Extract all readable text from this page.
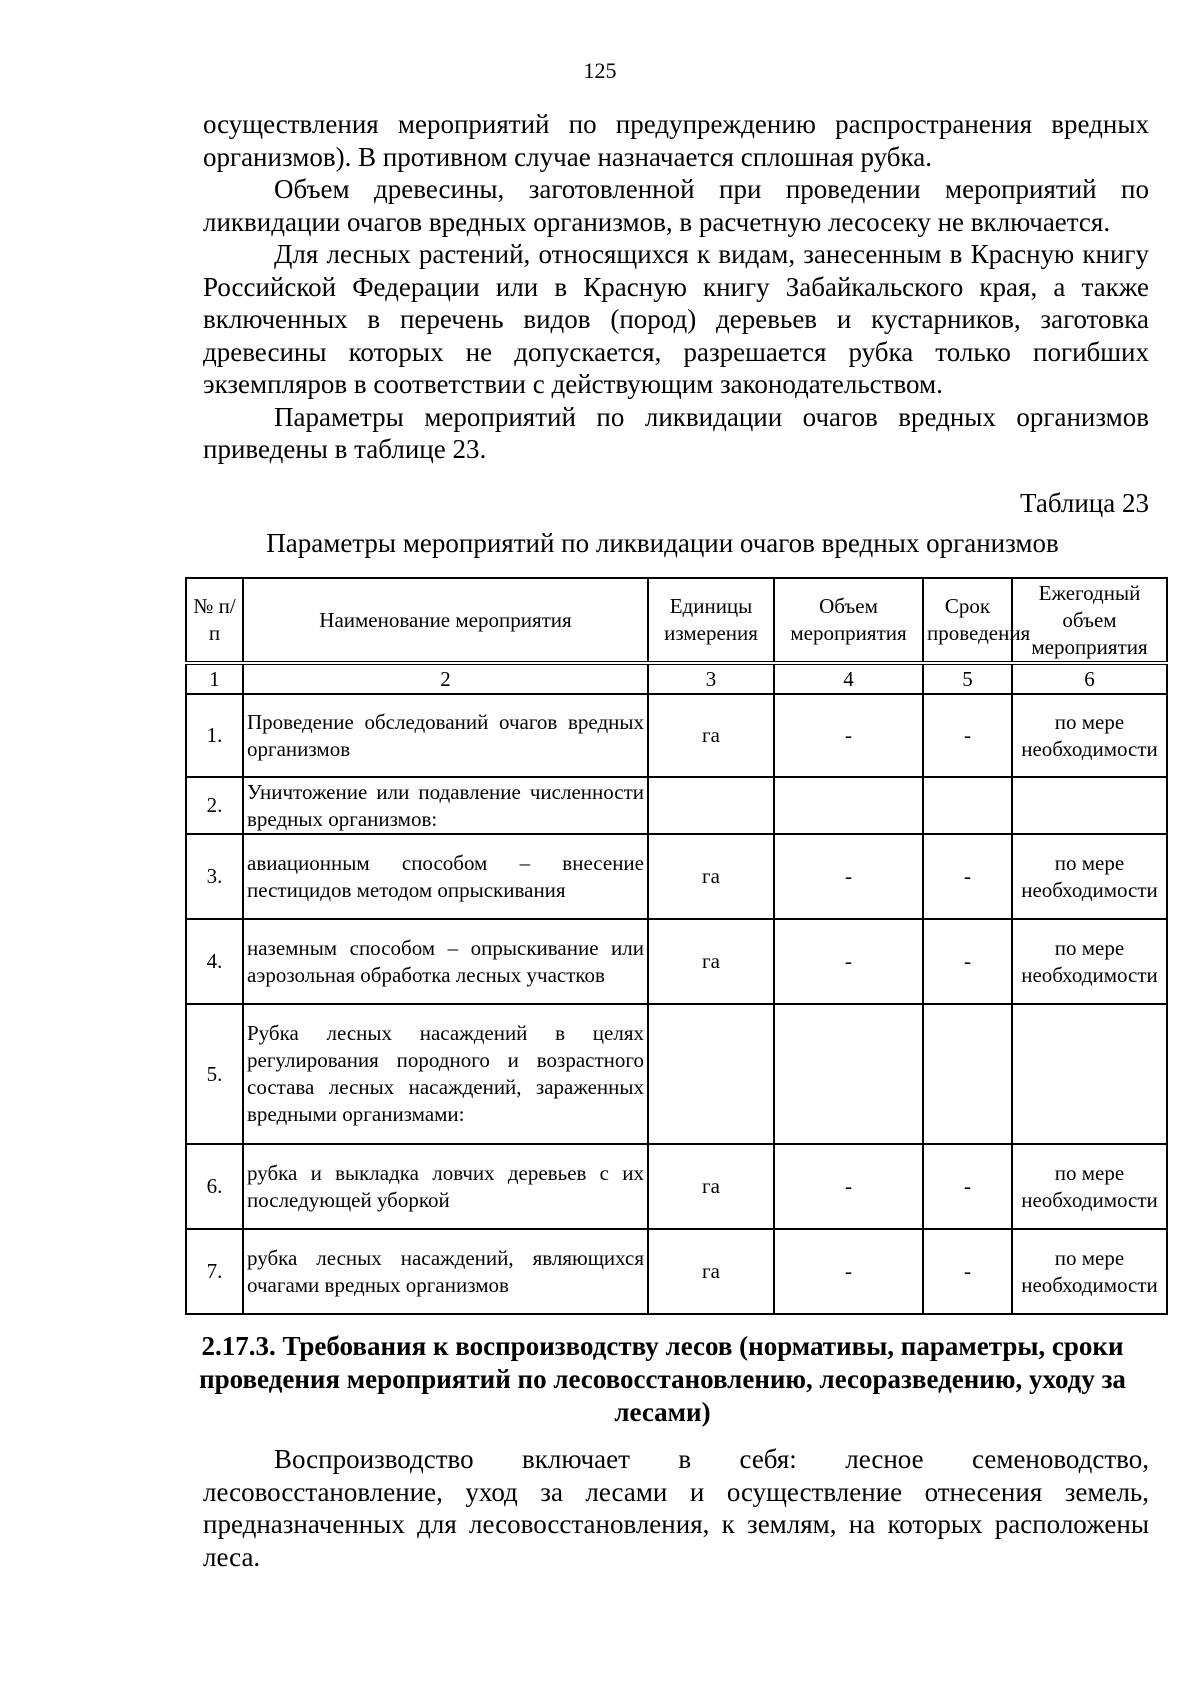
125

осуществления мероприятий по предупреждению распространения вредных организмов). В противном случае назначается сплошная рубка.

Объем древесины, заготовленной при проведении мероприятий по ликвидации очагов вредных организмов, в расчетную лесосеку не включается.

Для лесных растений, относящихся к видам, занесенным в Красную книгу Российской Федерации или в Красную книгу Забайкальского края, а также включенных в перечень видов (пород) деревьев и кустарников, заготовка древесины которых не допускается, разрешается рубка только погибших экземпляров в соответствии с действующим законодательством.

Параметры мероприятий по ликвидации очагов вредных организмов приведены в таблице 23.

Таблица 23
Параметры мероприятий по ликвидации очагов вредных организмов
№ п/п	Наименование мероприятия	Единицы измерения	Объем мероприятия	Срок проведения	Ежегодный объем мероприятия
1	2	3	4	5	6
1.	Проведение обследований очагов вредных организмов	га	-	-	по мере необходимости
2.	Уничтожение или подавление численности вредных организмов:				
3.	авиационным способом – внесение пестицидов методом опрыскивания	га	-	-	по мере необходимости
4.	наземным способом – опрыскивание или аэрозольная обработка лесных участков	га	-	-	по мере необходимости
5.	Рубка лесных насаждений в целях регулирования породного и возрастного состава лесных насаждений, зараженных вредными организмами:				
6.	рубка и выкладка ловчих деревьев с их последующей уборкой	га	-	-	по мере необходимости
7.	рубка лесных насаждений, являющихся очагами вредных организмов	га	-	-	по мере необходимости
2.17.3. Требования к воспроизводству лесов (нормативы, параметры, сроки проведения мероприятий по лесовосстановлению, лесоразведению, уходу за лесами)

Воспроизводство включает в себя: лесное семеноводство, лесовосстановление, уход за лесами и осуществление отнесения земель, предназначенных для лесовосстановления, к землям, на которых расположены леса.
